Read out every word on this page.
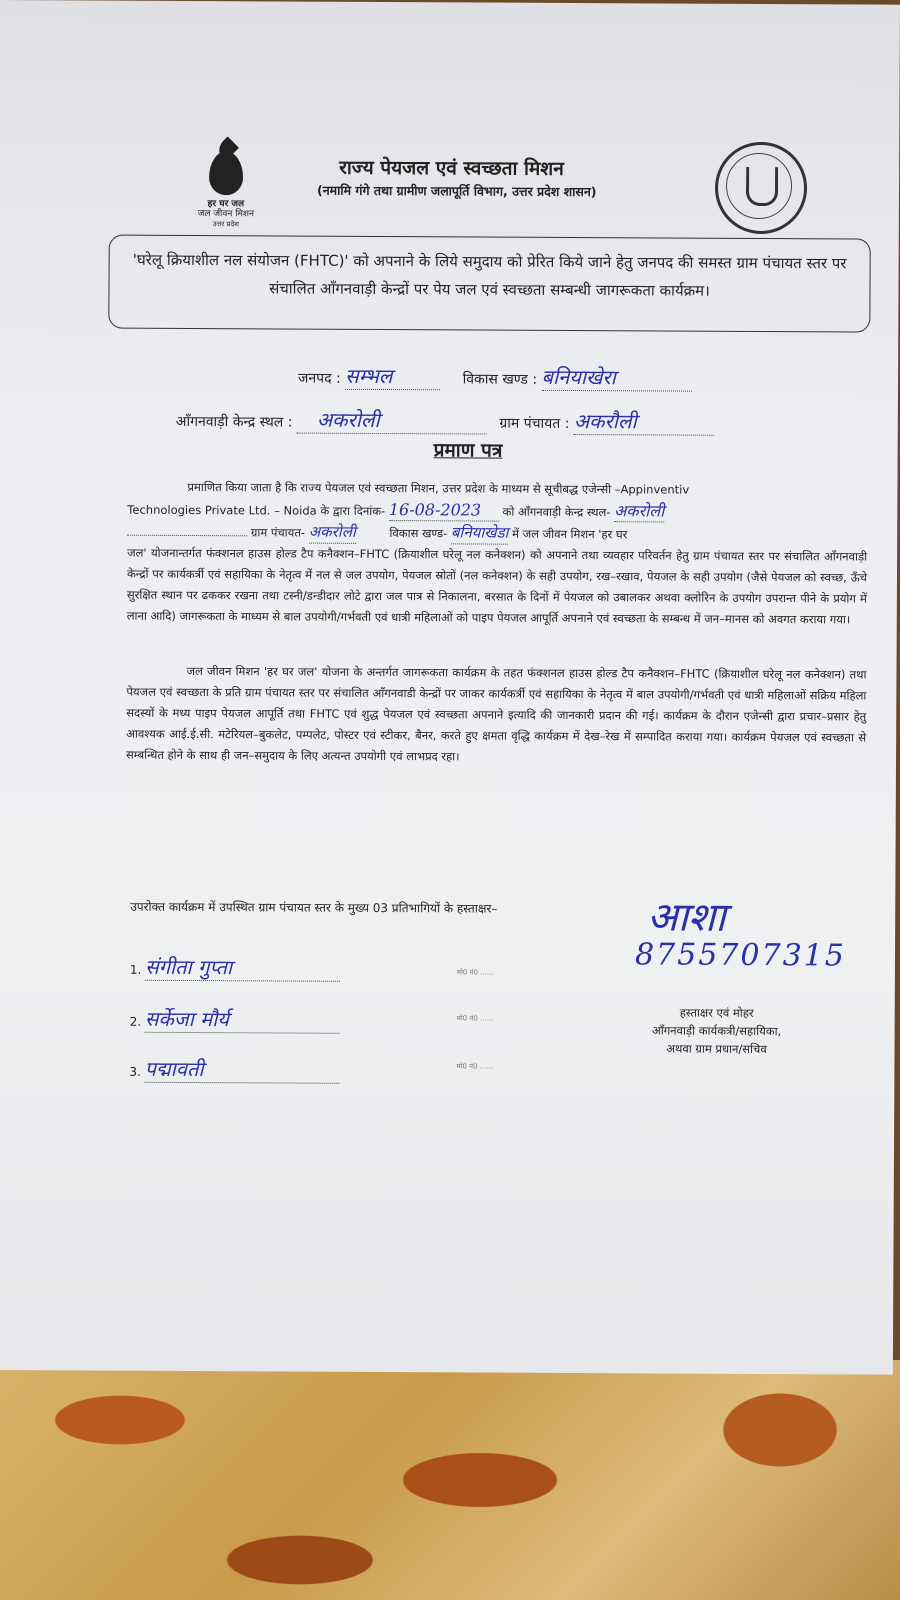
हर घर जल
जल जीवन मिशन
उत्तर प्रदेश
राज्य पेयजल एवं स्वच्छता मिशन
(नमामि गंगे तथा ग्रामीण जलापूर्ति विभाग, उत्तर प्रदेश शासन)

'घरेलू क्रियाशील नल संयोजन (FHTC)' को अपनाने के लिये समुदाय को प्रेरित किये जाने हेतु जनपद की समस्त ग्राम पंचायत स्तर पर संचालित आँगनवाड़ी केन्द्रों पर पेय जल एवं स्वच्छता सम्बन्धी जागरूकता कार्यक्रम।

जनपद : सम्भल	विकास खण्ड : बनियाखेरा
आँगनवाड़ी केन्द्र स्थल : अकरोली	ग्राम पंचायत : अकरौली
प्रमाण पत्र
प्रमाणित किया जाता है कि राज्य पेयजल एवं स्वच्छता मिशन, उत्तर प्रदेश के माध्यम से सूचीबद्ध एजेन्सी –Appinventiv
Technologies Private Ltd. – Noida के द्वारा दिनांक- 16-08-2023 को आँगनवाड़ी केन्द्र स्थल- अकरोली
ग्राम पंचायत- अकरोली	विकास खण्ड- बनियाखेडा में जल जीवन मिशन 'हर घर
जल' योजनान्तर्गत फंक्शनल हाउस होल्ड टैप कनैक्शन–FHTC (क्रियाशील घरेलू नल कनेक्शन) को अपनाने तथा व्यवहार परिवर्तन हेतु ग्राम पंचायत स्तर पर संचालित आँगनवाड़ी केन्द्रों पर कार्यकर्त्री एवं सहायिका के नेतृत्व में नल से जल उपयोग, पेयजल स्रोतों (नल कनेक्शन) के सही उपयोग, रख–रखाव, पेयजल के सही उपयोग (जैसे पेयजल को स्वच्छ, ऊँचे सुरक्षित स्थान पर ढककर रखना तथा टस्नी/डन्डीदार लोटे द्वारा जल पात्र से निकालना, बरसात के दिनों में पेयजल को उबालकर अथवा क्लोरिन के उपयोग उपरान्त पीने के प्रयोग में लाना आदि) जागरूकता के माध्यम से बाल उपयोगी/गर्भवती एवं धात्री महिलाओं को पाइप पेयजल आपूर्ति अपनाने एवं स्वच्छता के सम्बन्ध में जन–मानस को अवगत कराया गया।
जल जीवन मिशन 'हर घर जल' योजना के अन्तर्गत जागरूकता कार्यक्रम के तहत फंक्शनल हाउस होल्ड टैप कनैक्शन–FHTC (क्रियाशील घरेलू नल कनेक्शन) तथा पेयजल एवं स्वच्छता के प्रति ग्राम पंचायत स्तर पर संचालित आँगनवाडी केन्द्रों पर जाकर कार्यकर्त्री एवं सहायिका के नेतृत्व में बाल उपयोगी/गर्भवती एवं धात्री महिलाओं सक्रिय महिला सदस्यों के मध्य पाइप पेयजल आपूर्ति तथा FHTC एवं शुद्ध पेयजल एवं स्वच्छता अपनाने इत्यादि की जानकारी प्रदान की गई। कार्यक्रम के दौरान एजेन्सी द्वारा प्रचार–प्रसार हेतु आवश्यक आई.ई.सी. मटेरियल–बुकलेट, पम्पलेट, पोस्टर एवं स्टीकर, बैनर, करते हुए क्षमता वृद्धि कार्यक्रम में देख–रेख में सम्पादित कराया गया। कार्यक्रम पेयजल एवं स्वच्छता से सम्बन्धित होने के साथ ही जन–समुदाय के लिए अत्यन्त उपयोगी एवं लाभप्रद रहा।
उपरोक्त कार्यक्रम में उपस्थित ग्राम पंचायत स्तर के मुख्य 03 प्रतिभागियों के हस्ताक्षर–
1. संगीता गुप्ता	मो0 नं0 ......
2. सर्केजा मौर्य	मो0 नं0 ......
3. पद्मावती	मो0 नं0 ......
आशा
8755707315
हस्ताक्षर एवं मोहर
आँगनवाड़ी कार्यकत्री/सहायिका,
अथवा ग्राम प्रधान/सचिव
